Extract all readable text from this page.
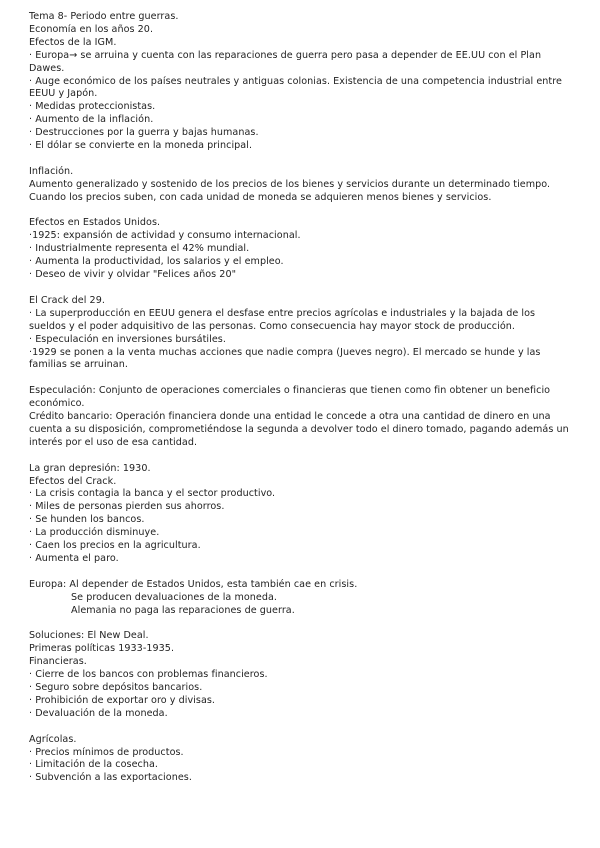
Tema 8- Periodo entre guerras.
Economía en los años 20.
Efectos de la IGM.
· Europa→ se arruina y cuenta con las reparaciones de guerra pero pasa a depender de EE.UU con el Plan Dawes.
· Auge económico de los países neutrales y antiguas colonias. Existencia de una competencia industrial entre EEUU y Japón.
· Medidas proteccionistas.
· Aumento de la inflación.
· Destrucciones por la guerra y bajas humanas.
· El dólar se convierte en la moneda principal.
Inflación.
Aumento generalizado y sostenido de los precios de los bienes y servicios durante un determinado tiempo. Cuando los precios suben, con cada unidad de moneda se adquieren menos bienes y servicios.
Efectos en Estados Unidos.
·1925: expansión de actividad y consumo internacional.
· Industrialmente representa el 42% mundial.
· Aumenta la productividad, los salarios y el empleo.
· Deseo de vivir y olvidar "Felices años 20"
El Crack del 29.
· La superproducción en EEUU genera el desfase entre precios agrícolas e industriales y la bajada de los sueldos y el poder adquisitivo de las personas. Como consecuencia hay mayor stock de producción.
· Especulación en inversiones bursátiles.
·1929 se ponen a la venta muchas acciones que nadie compra (Jueves negro). El mercado se hunde y las familias se arruinan.
Especulación: Conjunto de operaciones comerciales o financieras que tienen como fin obtener un beneficio económico.
Crédito bancario: Operación financiera donde una entidad le concede a otra una cantidad de dinero en una cuenta a su disposición, comprometiéndose la segunda a devolver todo el dinero tomado, pagando además un interés por el uso de esa cantidad.
La gran depresión: 1930.
Efectos del Crack.
· La crisis contagia la banca y el sector productivo.
· Miles de personas pierden sus ahorros.
· Se hunden los bancos.
· La producción disminuye.
· Caen los precios en la agricultura.
· Aumenta el paro.
Europa: Al depender de Estados Unidos, esta también cae en crisis.
Se producen devaluaciones de la moneda.
Alemania no paga las reparaciones de guerra.
Soluciones: El New Deal.
Primeras políticas 1933-1935.
Financieras.
· Cierre de los bancos con problemas financieros.
· Seguro sobre depósitos bancarios.
· Prohibición de exportar oro y divisas.
· Devaluación de la moneda.
Agrícolas.
· Precios mínimos de productos.
· Limitación de la cosecha.
· Subvención a las exportaciones.
